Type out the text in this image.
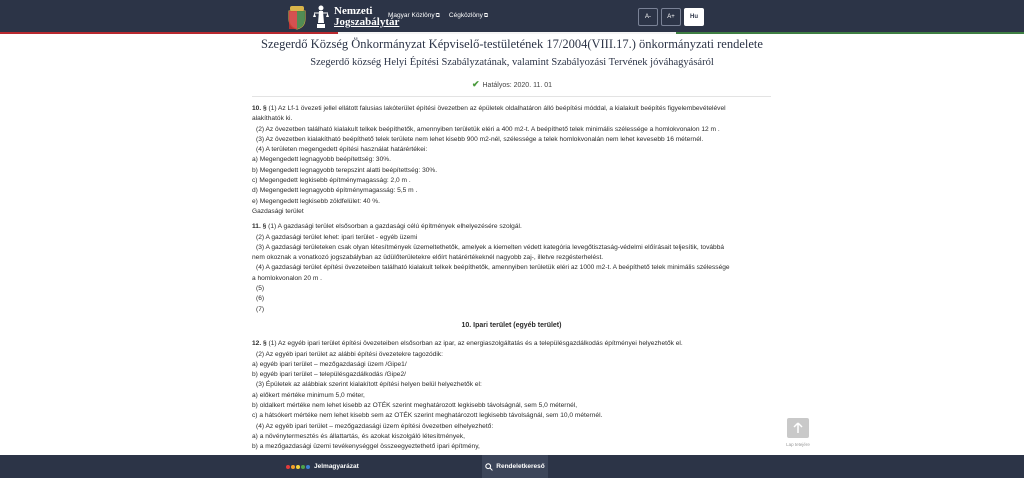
Nemzeti
Jogszabálytár
Magyar Közlöny⧉ Cégközlöny⧉	A-	A+	Hu
Szegerdő Község Önkormányzat Képviselő-testületének 17/2004(VIII.17.) önkormányzati rendelete
Szegerdő község Helyi Építési Szabályzatának, valamint Szabályozási Tervének jóváhagyásáról
✔ Hatályos: 2020. 11. 01

10. § (1) Az Lf-1 övezeti jellel ellátott falusias lakóterület építési övezetben az épületek oldalhatáron álló beépítési móddal, a kialakult beépítés figyelembevételével

alakíthatók ki.

(2) Az övezetben található kialakult telkek beépíthetők, amennyiben területük eléri a 400 m2-t. A beépíthető telek minimális szélessége a homlokvonalon 12 m .

(3) Az övezetben kialakítható beépíthető telek területe nem lehet kisebb 900 m2-nél, szélessége a telek homlokvonalán nem lehet kevesebb 16 méternél.

(4) A területen megengedett építési használat határértékei:

a) Megengedett legnagyobb beépítettség: 30%.

b) Megengedett legnagyobb terepszint alatti beépítettség: 30%.

c) Megengedett legkisebb építménymagasság: 2,0 m .

d) Megengedett legnagyobb építménymagasság: 5,5 m .

e) Megengedett legkisebb zöldfelület: 40 %.

Gazdasági terület

11. § (1) A gazdasági terület elsősorban a gazdasági célú építmények elhelyezésére szolgál.

(2) A gazdasági terület lehet: ipari terület - egyéb üzemi

(3) A gazdasági területeken csak olyan létesítmények üzemeltethetők, amelyek a kiemelten védett kategória levegőtisztaság-védelmi előírásait teljesítik, továbbá

nem okoznak a vonatkozó jogszabályban az üdülőterületekre előírt határértékeknél nagyobb zaj-, illetve rezgésterhelést.

(4) A gazdasági terület építési övezeteiben található kialakult telkek beépíthetők, amennyiben területük eléri az 1000 m2-t. A beépíthető telek minimális szélessége

a homlokvonalon 20 m .

(5)

(6)

(7)

10. Ipari terület (egyéb terület)

12. § (1) Az egyéb ipari terület építési övezeteiben elsősorban az ipar, az energiaszolgáltatás és a településgazdálkodás építményei helyezhetők el.

(2) Az egyéb ipari terület az alábbi építési övezetekre tagozódik:

a) egyéb ipari terület – mezőgazdasági üzem /Gipe1/

b) egyéb ipari terület – településgazdálkodás /Gipe2/

(3) Épületek az alábbiak szerint kialakított építési helyen belül helyezhetők el:

a) előkert mértéke minimum 5,0 méter,

b) oldalkert mértéke nem lehet kisebb az OTÉK szerint meghatározott legkisebb távolságnál, sem 5,0 méternél,

c) a hátsókert mértéke nem lehet kisebb sem az OTÉK szerint meghatározott legkisebb távolságnál, sem 10,0 méternél.

(4) Az egyéb ipari terület – mezőgazdasági üzem építési övezetben elhelyezhető:

a) a növénytermesztés és állattartás, és azokat kiszolgáló létesítmények,

b) a mezőgazdasági üzemi tevékenységgel összeegyeztethető ipari építmény,	Lap tetejére
Jelmagyarázat	Rendeletkereső
